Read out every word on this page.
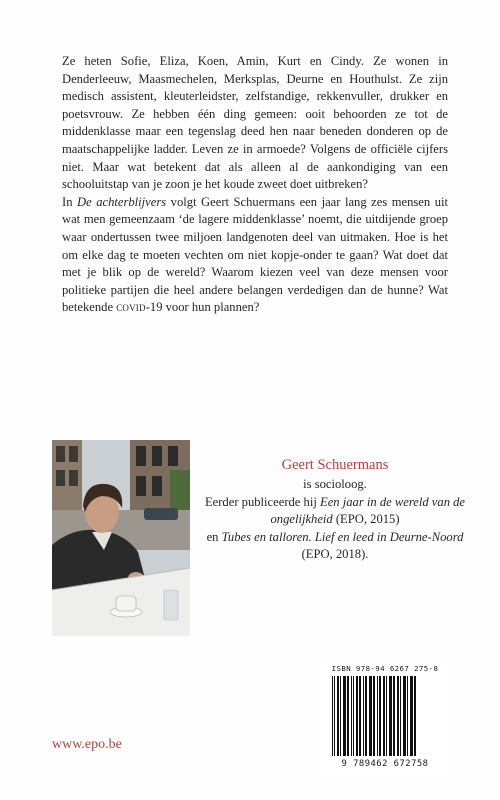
Ze heten Sofie, Eliza, Koen, Amin, Kurt en Cindy. Ze wonen in Denderleeuw, Maasmechelen, Merksplas, Deurne en Houthulst. Ze zijn medisch assistent, kleuterleidster, zelfstandige, rekkenvuller, drukker en poetsvrouw. Ze hebben één ding gemeen: ooit behoorden ze tot de middenklasse maar een tegenslag deed hen naar beneden donderen op de maatschappelijke ladder. Leven ze in armoede? Volgens de officiële cijfers niet. Maar wat betekent dat als alleen al de aankondiging van een schooluitstap van je zoon je het koude zweet doet uitbreken?

In De achterblijvers volgt Geert Schuermans een jaar lang zes mensen uit wat men gemeenzaam ‘de lagere middenklasse’ noemt, die uitdijende groep waar ondertussen twee miljoen landgenoten deel van uitmaken. Hoe is het om elke dag te moeten vechten om niet kopje-onder te gaan? Wat doet dat met je blik op de wereld? Waarom kiezen veel van deze mensen voor politieke partijen die heel andere belangen verdedigen dan de hunne? Wat betekende covid-19 voor hun plannen?

Geert Schuermans
is socioloog.
Eerder publiceerde hij Een jaar in de wereld van de ongelijkheid (EPO, 2015)
en Tubes en talloren. Lief en leed in Deurne-Noord (EPO, 2018).
www.epo.be
ISBN 978-94 6267 275-8
9 789462 672758
